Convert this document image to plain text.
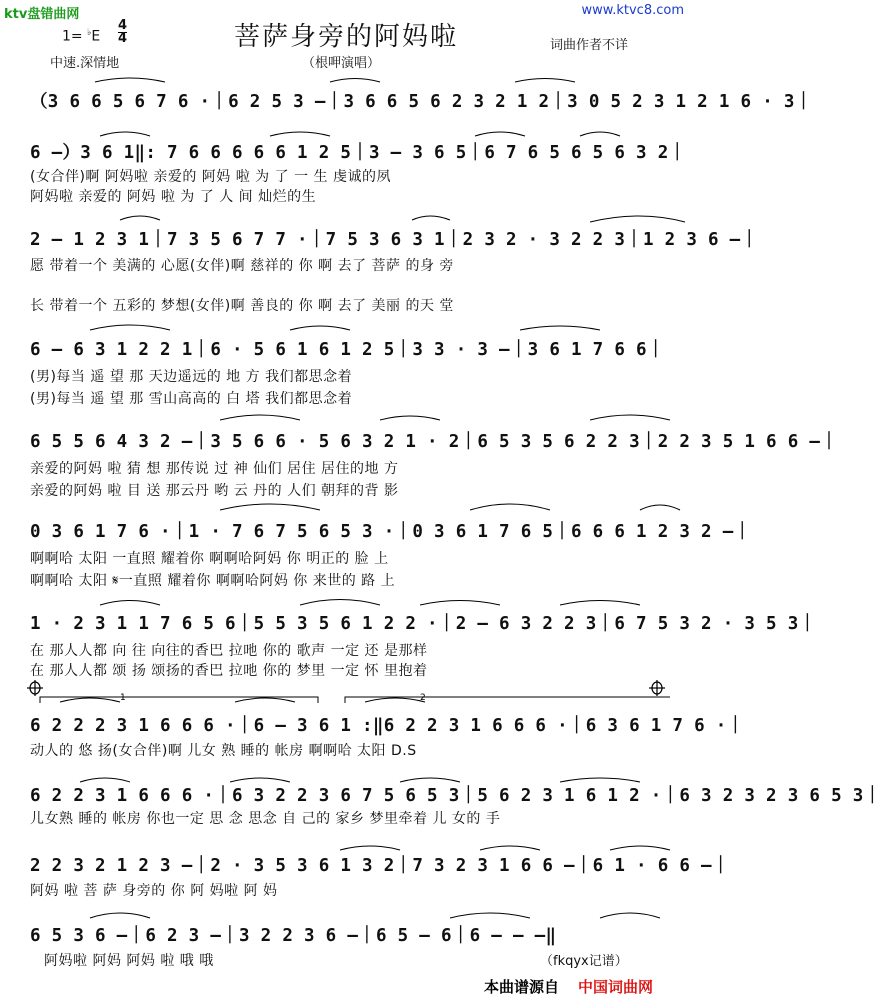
ktv盘错曲网	www.ktvc8.com
菩萨身旁的阿妈啦
1= ♭E
4
4
中速.深情地	（根呷演唱）
词曲作者不详
1	2
（3 6 6 5 6 7 6 ·｜6 2 5 3 –｜3 6 6 5 6 2 3 2 1 2｜3 0 5 2 3 1 2 1 6 · 3｜
6 –）3 6 1‖: 7 6 6 6 6 6 1 2 5｜3 – 3 6 5｜6 7 6 5 6 5 6 3 2｜
(女合伴)啊 阿妈啦 亲爱的 阿妈 啦 为 了 一 生 虔诚的夙
阿妈啦 亲爱的 阿妈 啦 为 了 人 间 灿烂的生
2 – 1 2 3 1｜7 3 5 6 7 7 ·｜7 5 3 6 3 1｜2 3 2 · 3 2 2 3｜1 2 3 6 –｜
愿 带着一个 美满的 心愿(女伴)啊 慈祥的 你 啊 去了 菩萨 的身 旁
长 带着一个 五彩的 梦想(女伴)啊 善良的 你 啊 去了 美丽 的天 堂
6 – 6 3 1 2 2 1｜6 · 5 6 1 6 1 2 5｜3 3 · 3 –｜3 6 1 7 6 6｜
(男)每当 遥 望 那 天边遥远的 地 方 我们都思念着
(男)每当 遥 望 那 雪山高高的 白 塔 我们都思念着
6 5 5 6 4 3 2 –｜3 5 6 6 · 5 6 3 2 1 · 2｜6 5 3 5 6 2 2 3｜2 2 3 5 1 6 6 –｜
亲爱的阿妈 啦 猜 想 那传说 过 神 仙们 居住 居住的地 方
亲爱的阿妈 啦 目 送 那云丹 哟 云 丹的 人们 朝拜的背 影
0 3 6 1 7 6 ·｜1 · 7 6 7 5 6 5 3 ·｜0 3 6 1 7 6 5｜6 6 6 1 2 3 2 –｜
啊啊哈 太阳 一直照 耀着你 啊啊哈阿妈 你 明正的 脸 上
啊啊哈 太阳 𝄋一直照 耀着你 啊啊哈阿妈 你 来世的 路 上
1 · 2 3 1 1 7 6 5 6｜5 5 3 5 6 1 2 2 ·｜2 – 6 3 2 2 3｜6 7 5 3 2 · 3 5 3｜
在 那人人都 向 往 向往的香巴 拉吔 你的 歌声 一定 还 是那样
在 那人人都 颂 扬 颂扬的香巴 拉吔 你的 梦里 一定 怀 里抱着
6 2 2 2 3 1 6 6 6 ·｜6 – 3 6 1 :‖6 2 2 3 1 6 6 6 ·｜6 3 6 1 7 6 ·｜
动人的 悠 扬(女合伴)啊 儿女 熟 睡的 帐房 啊啊哈 太阳 D.S
6 2 2 3 1 6 6 6 ·｜6 3 2 2 3 6 7 5 6 5 3｜5 6 2 3 1 6 1 2 ·｜6 3 2 3 2 3 6 5 3｜
儿女熟 睡的 帐房 你也一定 思 念 思念 自 己的 家乡 梦里牵着 儿 女的 手
2 2 3 2 1 2 3 –｜2 · 3 5 3 6 1 3 2｜7 3 2 3 1 6 6 –｜6 1 · 6 6 –｜
阿妈 啦 菩 萨 身旁的 你 阿 妈啦 阿 妈
6 5 3 6 –｜6 2 3 –｜3 2 2 3 6 –｜6 5 – 6｜6 – – –‖
阿妈啦 阿妈 阿妈 啦 哦 哦	（fkqyx记谱）
本曲谱源自 中国词曲网
